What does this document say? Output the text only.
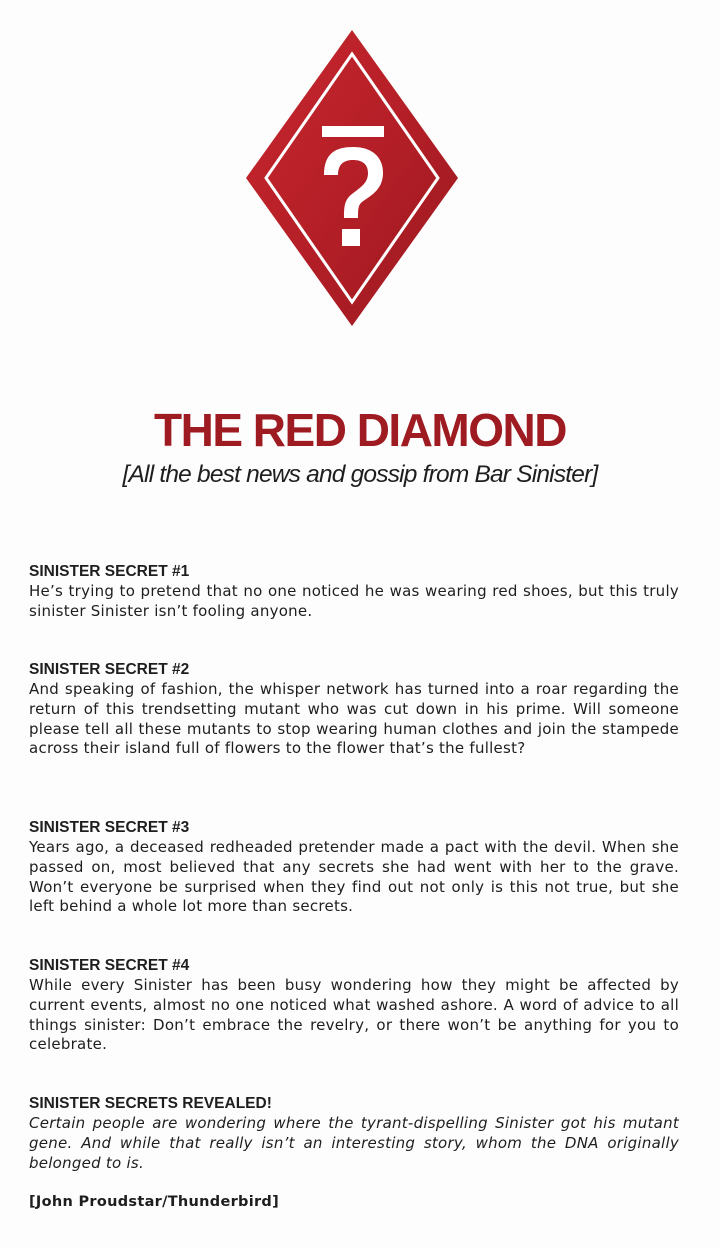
THE RED DIAMOND

[All the best news and gossip from Bar Sinister]

SINISTER SECRET #1

He’s trying to pretend that no one noticed he was wearing red shoes, but this truly sinister Sinister isn’t fooling anyone.

SINISTER SECRET #2

And speaking of fashion, the whisper network has turned into a roar regarding the return of this trendsetting mutant who was cut down in his prime. Will someone please tell all these mutants to stop wearing human clothes and join the stampede across their island full of flowers to the flower that’s the fullest?

SINISTER SECRET #3

Years ago, a deceased redheaded pretender made a pact with the devil. When she passed on, most believed that any secrets she had went with her to the grave. Won’t everyone be surprised when they find out not only is this not true, but she left behind a whole lot more than secrets.

SINISTER SECRET #4

While every Sinister has been busy wondering how they might be affected by current events, almost no one noticed what washed ashore. A word of advice to all things sinister: Don’t embrace the revelry, or there won’t be anything for you to celebrate.

SINISTER SECRETS REVEALED!

Certain people are wondering where the tyrant-dispelling Sinister got his mutant gene. And while that really isn’t an interesting story, whom the DNA originally belonged to is.

[John Proudstar/Thunderbird]
